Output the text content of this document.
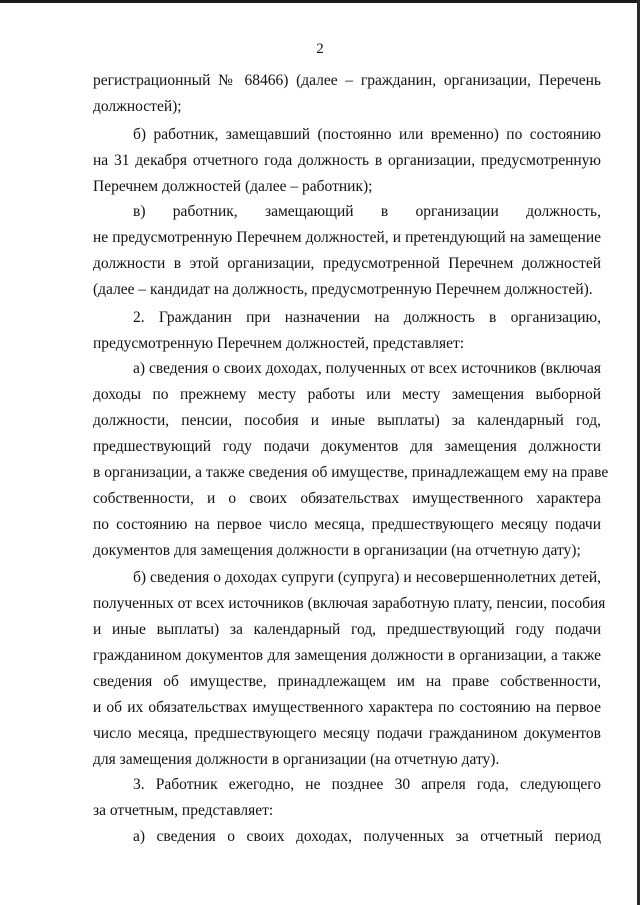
2
регистрационный № 68466) (далее – гражданин, организации, Перечень
должностей);
б) работник, замещавший (постоянно или временно) по состоянию
на 31 декабря отчетного года должность в организации, предусмотренную
Перечнем должностей (далее – работник);
в) работник, замещающий в организации должность,
не предусмотренную Перечнем должностей, и претендующий на замещение
должности в этой организации, предусмотренной Перечнем должностей
(далее – кандидат на должность, предусмотренную Перечнем должностей).
2. Гражданин при назначении на должность в организацию,
предусмотренную Перечнем должностей, представляет:
а) сведения о своих доходах, полученных от всех источников (включая
доходы по прежнему месту работы или месту замещения выборной
должности, пенсии, пособия и иные выплаты) за календарный год,
предшествующий году подачи документов для замещения должности
в организации, а также сведения об имуществе, принадлежащем ему на праве
собственности, и о своих обязательствах имущественного характера
по состоянию на первое число месяца, предшествующего месяцу подачи
документов для замещения должности в организации (на отчетную дату);
б) сведения о доходах супруги (супруга) и несовершеннолетних детей,
полученных от всех источников (включая заработную плату, пенсии, пособия
и иные выплаты) за календарный год, предшествующий году подачи
гражданином документов для замещения должности в организации, а также
сведения об имуществе, принадлежащем им на праве собственности,
и об их обязательствах имущественного характера по состоянию на первое
число месяца, предшествующего месяцу подачи гражданином документов
для замещения должности в организации (на отчетную дату).
3. Работник ежегодно, не позднее 30 апреля года, следующего
за отчетным, представляет:
а) сведения о своих доходах, полученных за отчетный период
